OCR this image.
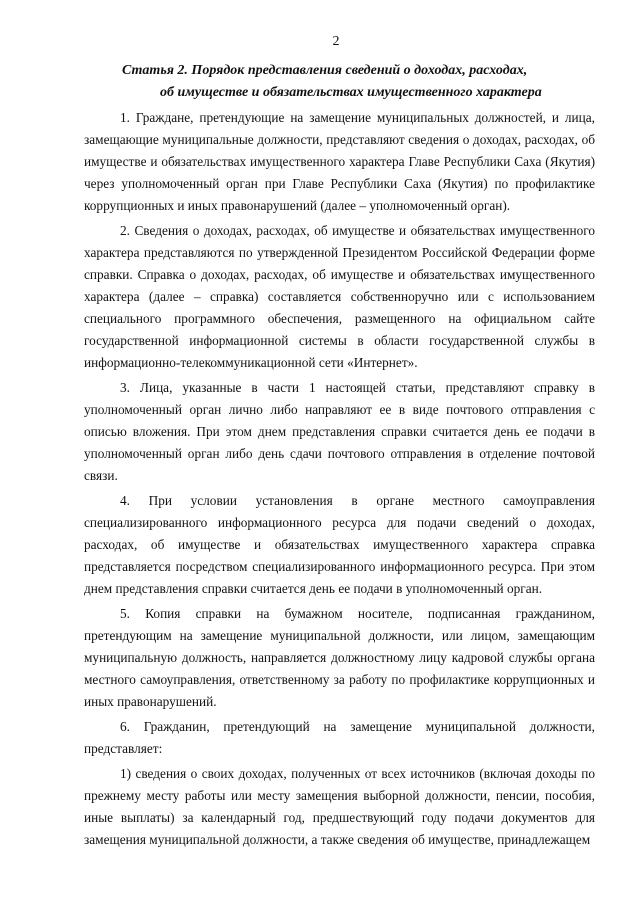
2
Статья 2. Порядок представления сведений о доходах, расходах,
об имуществе и обязательствах имущественного характера

1. Граждане, претендующие на замещение муниципальных должностей, и лица, замещающие муниципальные должности, представляют сведения о доходах, расходах, об имуществе и обязательствах имущественного характера Главе Республики Саха (Якутия) через уполномоченный орган при Главе Республики Саха (Якутия) по профилактике коррупционных и иных правонарушений (далее – уполномоченный орган).

2. Сведения о доходах, расходах, об имуществе и обязательствах имущественного характера представляются по утвержденной Президентом Российской Федерации форме справки. Справка о доходах, расходах, об имуществе и обязательствах имущественного характера (далее – справка) составляется собственноручно или с использованием специального программного обеспечения, размещенного на официальном сайте государственной информационной системы в области государственной службы в информационно-телекоммуникационной сети «Интернет».

3. Лица, указанные в части 1 настоящей статьи, представляют справку в уполномоченный орган лично либо направляют ее в виде почтового отправления с описью вложения. При этом днем представления справки считается день ее подачи в уполномоченный орган либо день сдачи почтового отправления в отделение почтовой связи.

4. При условии установления в органе местного самоуправления специализированного информационного ресурса для подачи сведений о доходах, расходах, об имуществе и обязательствах имущественного характера справка представляется посредством специализированного информационного ресурса. При этом днем представления справки считается день ее подачи в уполномоченный орган.

5. Копия справки на бумажном носителе, подписанная гражданином, претендующим на замещение муниципальной должности, или лицом, замещающим муниципальную должность, направляется должностному лицу кадровой службы органа местного самоуправления, ответственному за работу по профилактике коррупционных и иных правонарушений.

6. Гражданин, претендующий на замещение муниципальной должности, представляет:

1) сведения о своих доходах, полученных от всех источников (включая доходы по прежнему месту работы или месту замещения выборной должности, пенсии, пособия, иные выплаты) за календарный год, предшествующий году подачи документов для замещения муниципальной должности, а также сведения об имуществе, принадлежащем
